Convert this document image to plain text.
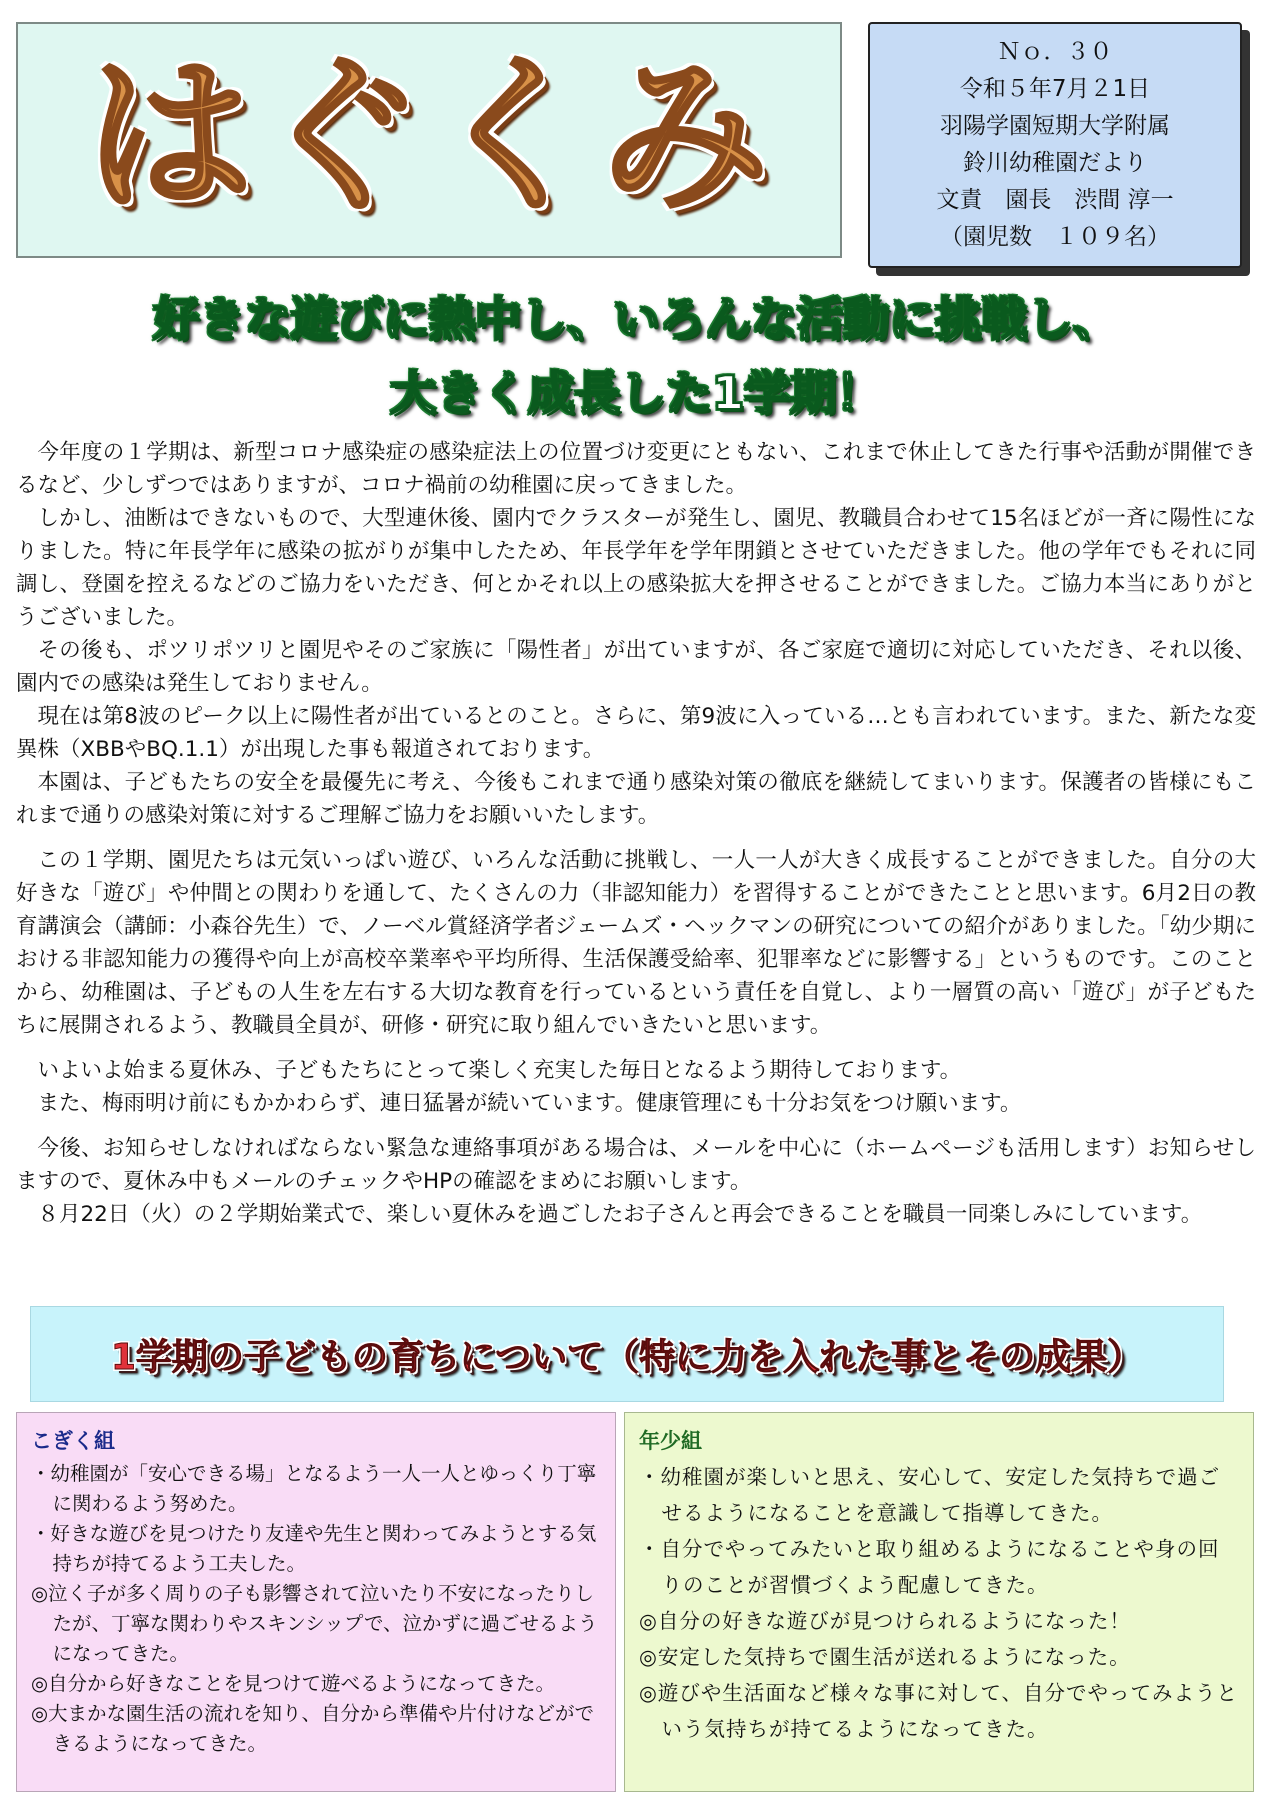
はぐくみ	Ｎｏ．３０
令和５年7月２1日
羽陽学園短期大学附属
鈴川幼稚園だより
文責　園長　渋間 淳一
（園児数　１０９名）
好きな遊びに熱中し、いろんな活動に挑戦し、
大きく成長した1学期！

今年度の１学期は、新型コロナ感染症の感染症法上の位置づけ変更にともない、これまで休止してきた行事や活動が開催できるなど、少しずつではありますが、コロナ禍前の幼稚園に戻ってきました。

しかし、油断はできないもので、大型連休後、園内でクラスターが発生し、園児、教職員合わせて15名ほどが一斉に陽性になりました。特に年長学年に感染の拡がりが集中したため、年長学年を学年閉鎖とさせていただきました。他の学年でもそれに同調し、登園を控えるなどのご協力をいただき、何とかそれ以上の感染拡大を押させることができました。ご協力本当にありがとうございました。

その後も、ポツリポツリと園児やそのご家族に「陽性者」が出ていますが、各ご家庭で適切に対応していただき、それ以後、園内での感染は発生しておりません。

現在は第8波のピーク以上に陽性者が出ているとのこと。さらに、第9波に入っている…とも言われています。また、新たな変異株（XBBやBQ.1.1）が出現した事も報道されております。

本園は、子どもたちの安全を最優先に考え、今後もこれまで通り感染対策の徹底を継続してまいります。保護者の皆様にもこれまで通りの感染対策に対するご理解ご協力をお願いいたします。

この１学期、園児たちは元気いっぱい遊び、いろんな活動に挑戦し、一人一人が大きく成長することができました。自分の大好きな「遊び」や仲間との関わりを通して、たくさんの力（非認知能力）を習得することができたことと思います。6月2日の教育講演会（講師：小森谷先生）で、ノーベル賞経済学者ジェームズ・ヘックマンの研究についての紹介がありました。「幼少期における非認知能力の獲得や向上が高校卒業率や平均所得、生活保護受給率、犯罪率などに影響する」というものです。このことから、幼稚園は、子どもの人生を左右する大切な教育を行っているという責任を自覚し、より一層質の高い「遊び」が子どもたちに展開されるよう、教職員全員が、研修・研究に取り組んでいきたいと思います。

いよいよ始まる夏休み、子どもたちにとって楽しく充実した毎日となるよう期待しております。

また、梅雨明け前にもかかわらず、連日猛暑が続いています。健康管理にも十分お気をつけ願います。

今後、お知らせしなければならない緊急な連絡事項がある場合は、メールを中心に（ホームページも活用します）お知らせしますので、夏休み中もメールのチェックやHPの確認をまめにお願いします。

８月22日（火）の２学期始業式で、楽しい夏休みを過ごしたお子さんと再会できることを職員一同楽しみにしています。

1学期の子どもの育ちについて（特に力を入れた事とその成果）
こぎく組
・幼稚園が「安心できる場」となるよう一人一人とゆっくり丁寧に関わるよう努めた。
・好きな遊びを見つけたり友達や先生と関わってみようとする気持ちが持てるよう工夫した。
◎泣く子が多く周りの子も影響されて泣いたり不安になったりしたが、丁寧な関わりやスキンシップで、泣かずに過ごせるようになってきた。
◎自分から好きなことを見つけて遊べるようになってきた。
◎大まかな園生活の流れを知り、自分から準備や片付けなどができるようになってきた。
年少組
・幼稚園が楽しいと思え、安心して、安定した気持ちで過ごせるようになることを意識して指導してきた。
・自分でやってみたいと取り組めるようになることや身の回りのことが習慣づくよう配慮してきた。
◎自分の好きな遊びが見つけられるようになった！
◎安定した気持ちで園生活が送れるようになった。
◎遊びや生活面など様々な事に対して、自分でやってみようという気持ちが持てるようになってきた。
